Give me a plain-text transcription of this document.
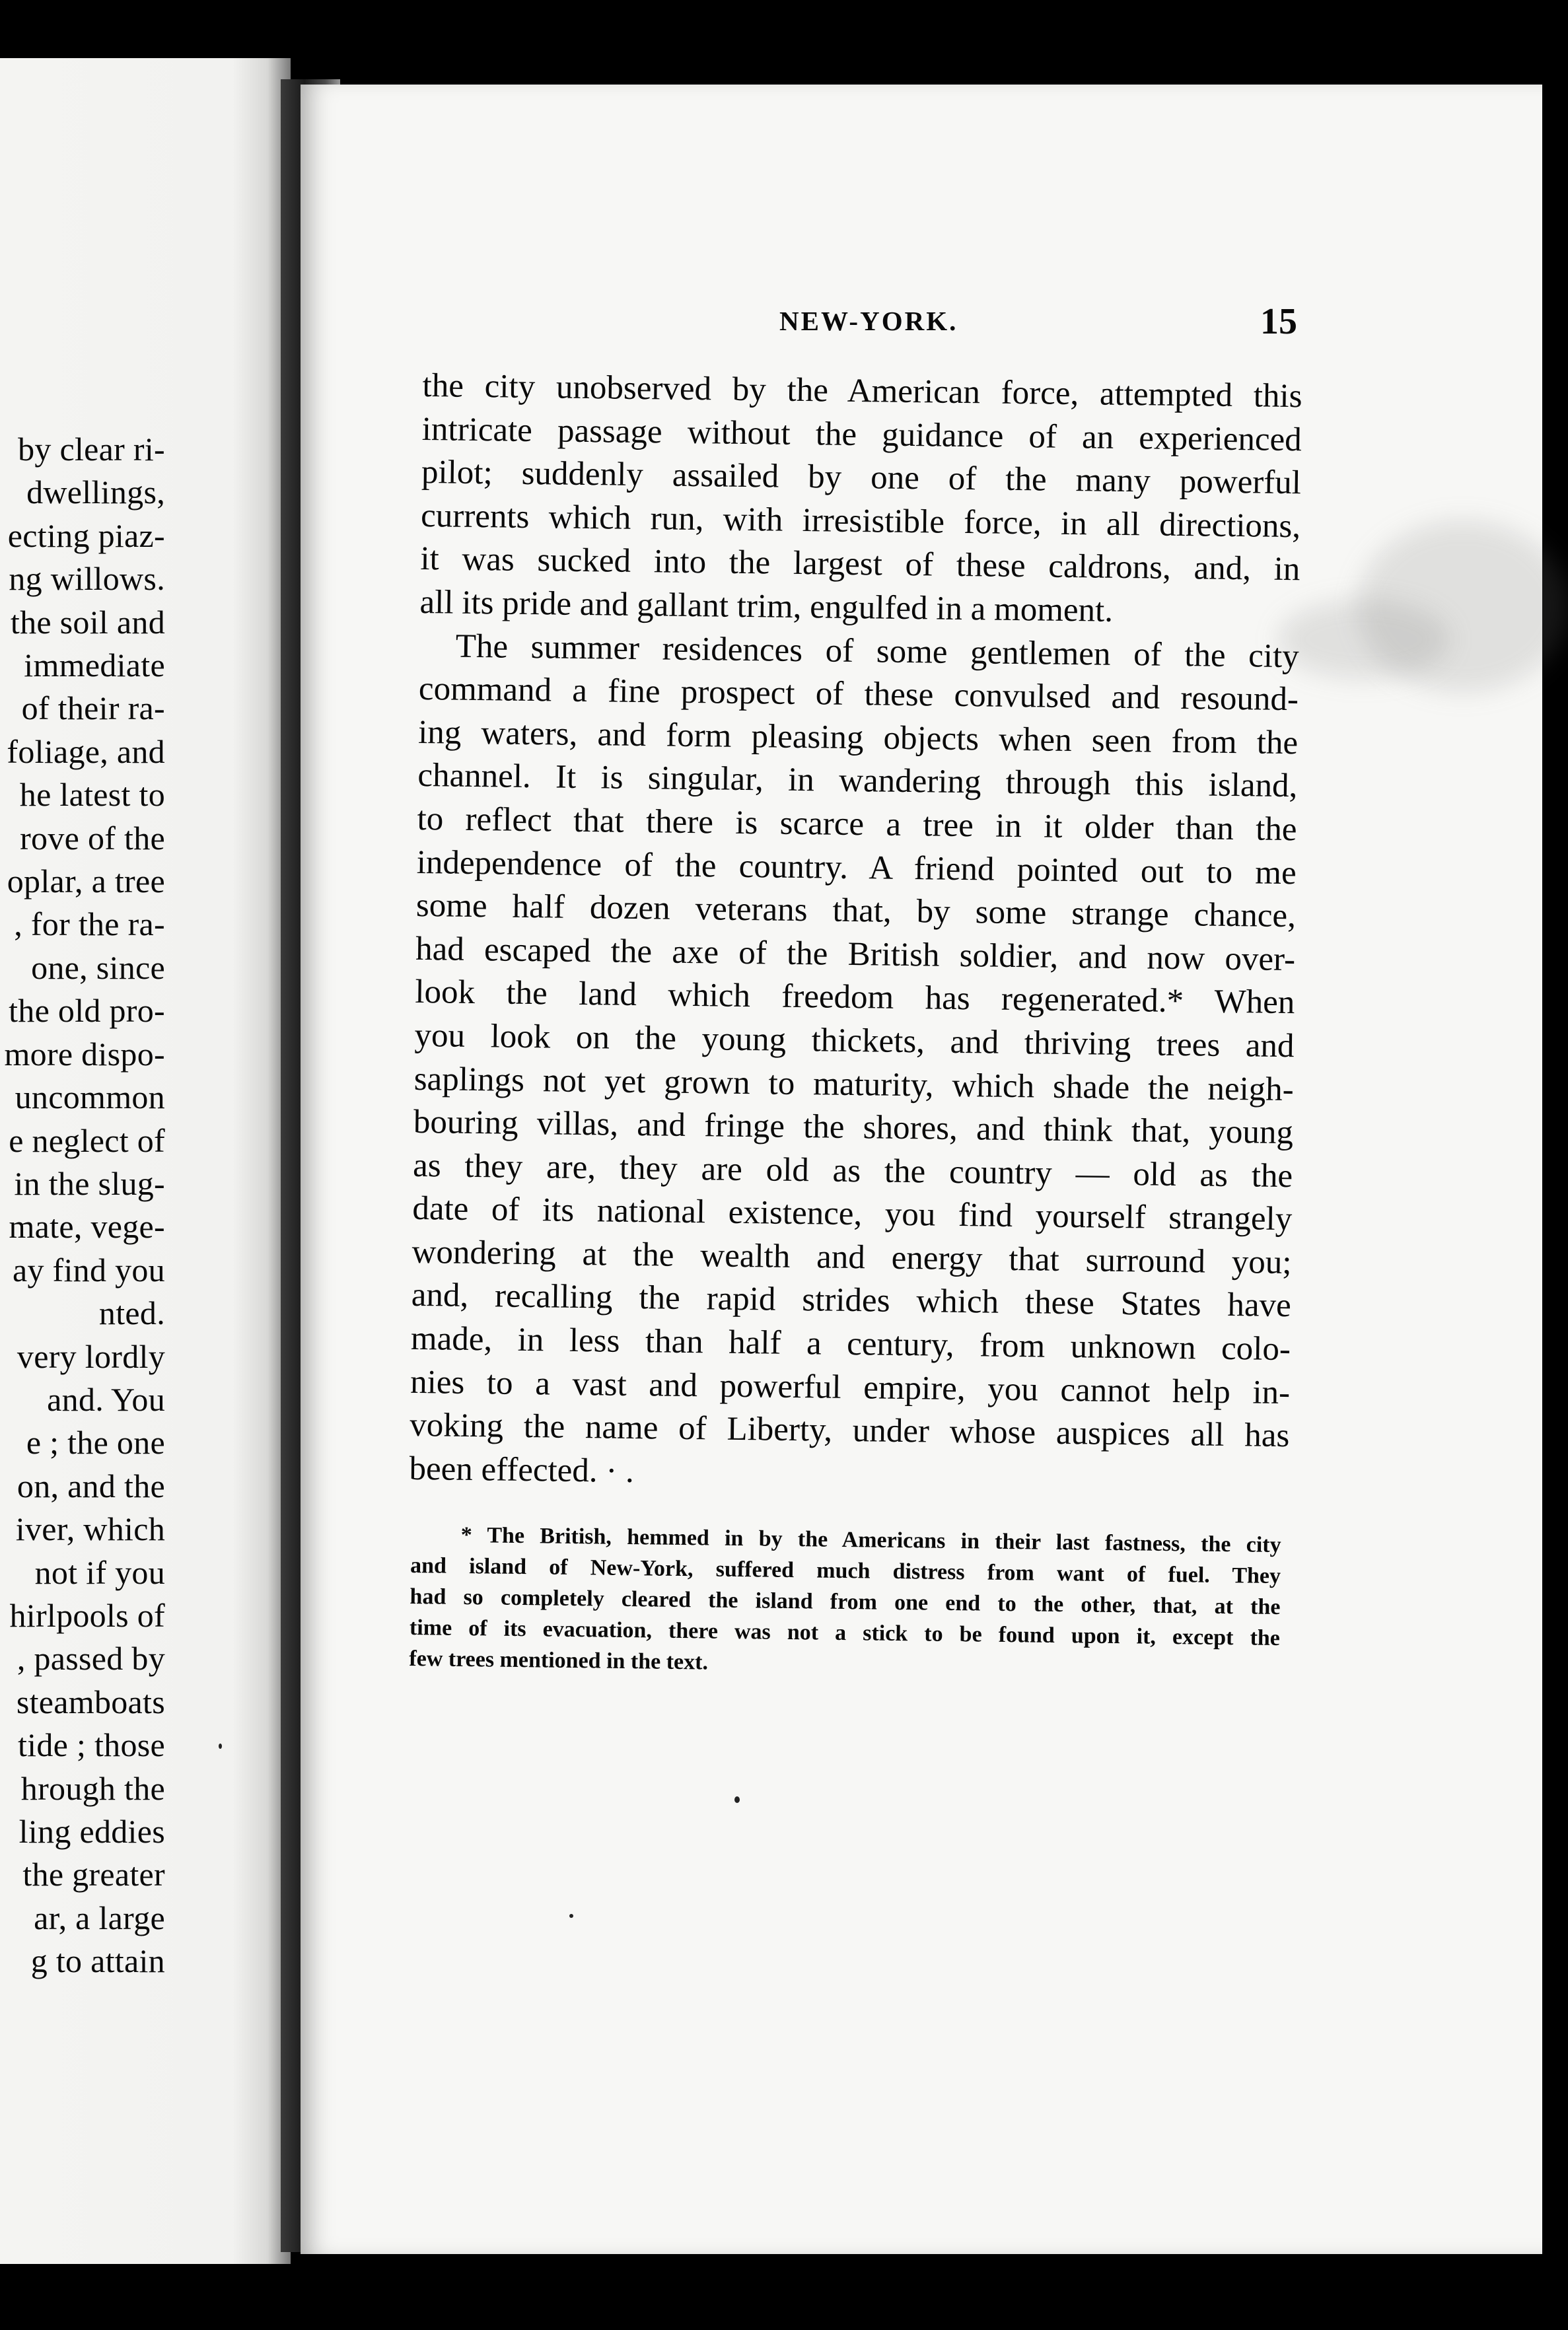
by clear ri-
dwellings,
ecting piaz-
ng willows.
the soil and
immediate
of their ra-
foliage, and
he latest to
rove of the
oplar, a tree
, for the ra-
one, since
the old pro-
more dispo-
uncommon
e neglect of
in the slug-
mate, vege-
ay find you
nted.
very lordly
and. You
e ; the one
on, and the
iver, which
not if you
hirlpools of
, passed by
steamboats
tide ; those
hrough the
ling eddies
the greater
ar, a large
g to attain
NEW-YORK.	15
the city unobserved by the American force, attempted this
intricate passage without the guidance of an experienced
pilot; suddenly assailed by one of the many powerful
currents which run, with irresistible force, in all directions,
it was sucked into the largest of these caldrons, and, in
all its pride and gallant trim, engulfed in a moment.
The summer residences of some gentlemen of the city
command a fine prospect of these convulsed and resound-
ing waters, and form pleasing objects when seen from the
channel. It is singular, in wandering through this island,
to reflect that there is scarce a tree in it older than the
independence of the country. A friend pointed out to me
some half dozen veterans that, by some strange chance,
had escaped the axe of the British soldier, and now over-
look the land which freedom has regenerated.* When
you look on the young thickets, and thriving trees and
saplings not yet grown to maturity, which shade the neigh-
bouring villas, and fringe the shores, and think that, young
as they are, they are old as the country — old as the
date of its national existence, you find yourself strangely
wondering at the wealth and energy that surround you;
and, recalling the rapid strides which these States have
made, in less than half a century, from unknown colo-
nies to a vast and powerful empire, you cannot help in-
voking the name of Liberty, under whose auspices all has
been effected. · .
* The British, hemmed in by the Americans in their last fastness, the city
and island of New-York, suffered much distress from want of fuel. They
had so completely cleared the island from one end to the other, that, at the
time of its evacuation, there was not a stick to be found upon it, except the
few trees mentioned in the text.
